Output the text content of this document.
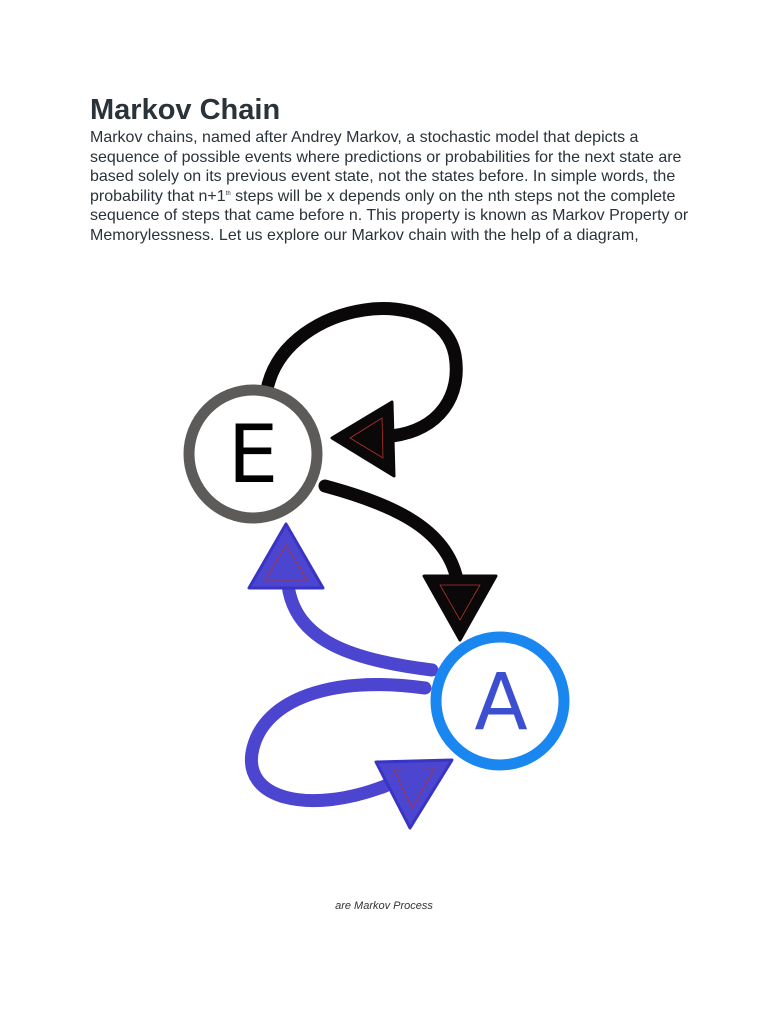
Markov Chain

Markov chains, named after Andrey Markov, a stochastic model that depicts a sequence of possible events where predictions or probabilities for the next state are based solely on its previous event state, not the states before. In simple words, the probability that n+1th steps will be x depends only on the nth steps not the complete sequence of steps that came before n. This property is known as Markov Property or Memorylessness. Let us explore our Markov chain with the help of a diagram,

E
A
are Markov Process
